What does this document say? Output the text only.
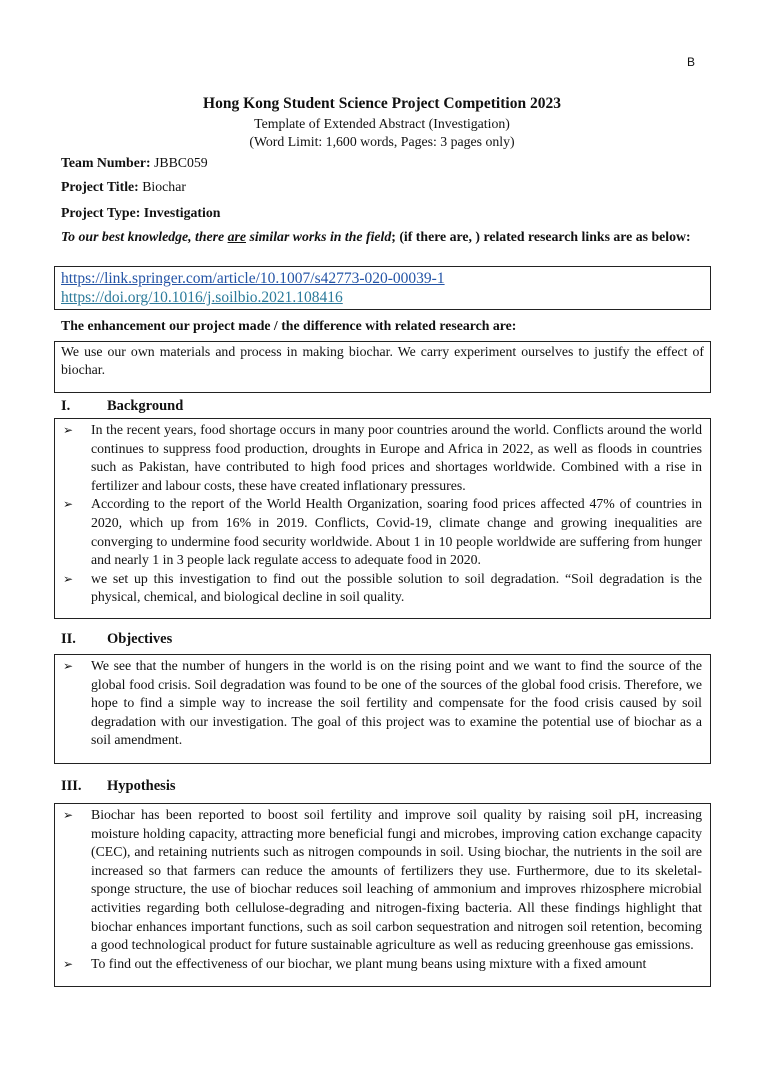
B
Hong Kong Student Science Project Competition 2023
Template of Extended Abstract (Investigation)
(Word Limit: 1,600 words, Pages: 3 pages only)
Team Number: JBBC059
Project Title: Biochar
Project Type: Investigation
To our best knowledge, there are similar works in the field; (if there are, ) related research links are as below:
https://link.springer.com/article/10.1007/s42773-020-00039-1
https://doi.org/10.1016/j.soilbio.2021.108416
The enhancement our project made / the difference with related research are:
We use our own materials and process in making biochar. We carry experiment ourselves to justify the effect of biochar.
I.	Background
➢ In the recent years, food shortage occurs in many poor countries around the world. Conflicts around the world continues to suppress food production, droughts in Europe and Africa in 2022, as well as floods in countries such as Pakistan, have contributed to high food prices and shortages worldwide. Combined with a rise in fertilizer and labour costs, these have created inflationary pressures.
➢ According to the report of the World Health Organization, soaring food prices affected 47% of countries in 2020, which up from 16% in 2019. Conflicts, Covid-19, climate change and growing inequalities are converging to undermine food security worldwide. About 1 in 10 people worldwide are suffering from hunger and nearly 1 in 3 people lack regulate access to adequate food in 2020.
➢ we set up this investigation to find out the possible solution to soil degradation. “Soil degradation is the physical, chemical, and biological decline in soil quality.
II. Objectives
➢ We see that the number of hungers in the world is on the rising point and we want to find the source of the global food crisis. Soil degradation was found to be one of the sources of the global food crisis. Therefore, we hope to find a simple way to increase the soil fertility and compensate for the food crisis caused by soil degradation with our investigation. The goal of this project was to examine the potential use of biochar as a soil amendment.
III. Hypothesis
➢ Biochar has been reported to boost soil fertility and improve soil quality by raising soil pH, increasing moisture holding capacity, attracting more beneficial fungi and microbes, improving cation exchange capacity (CEC), and retaining nutrients such as nitrogen compounds in soil. Using biochar, the nutrients in the soil are increased so that farmers can reduce the amounts of fertilizers they use. Furthermore, due to its skeletal-sponge structure, the use of biochar reduces soil leaching of ammonium and improves rhizosphere microbial activities regarding both cellulose-degrading and nitrogen-fixing bacteria. All these findings highlight that biochar enhances important functions, such as soil carbon sequestration and nitrogen soil retention, becoming a good technological product for future sustainable agriculture as well as reducing greenhouse gas emissions.
➢ To find out the effectiveness of our biochar, we plant mung beans using mixture with a fixed amount
